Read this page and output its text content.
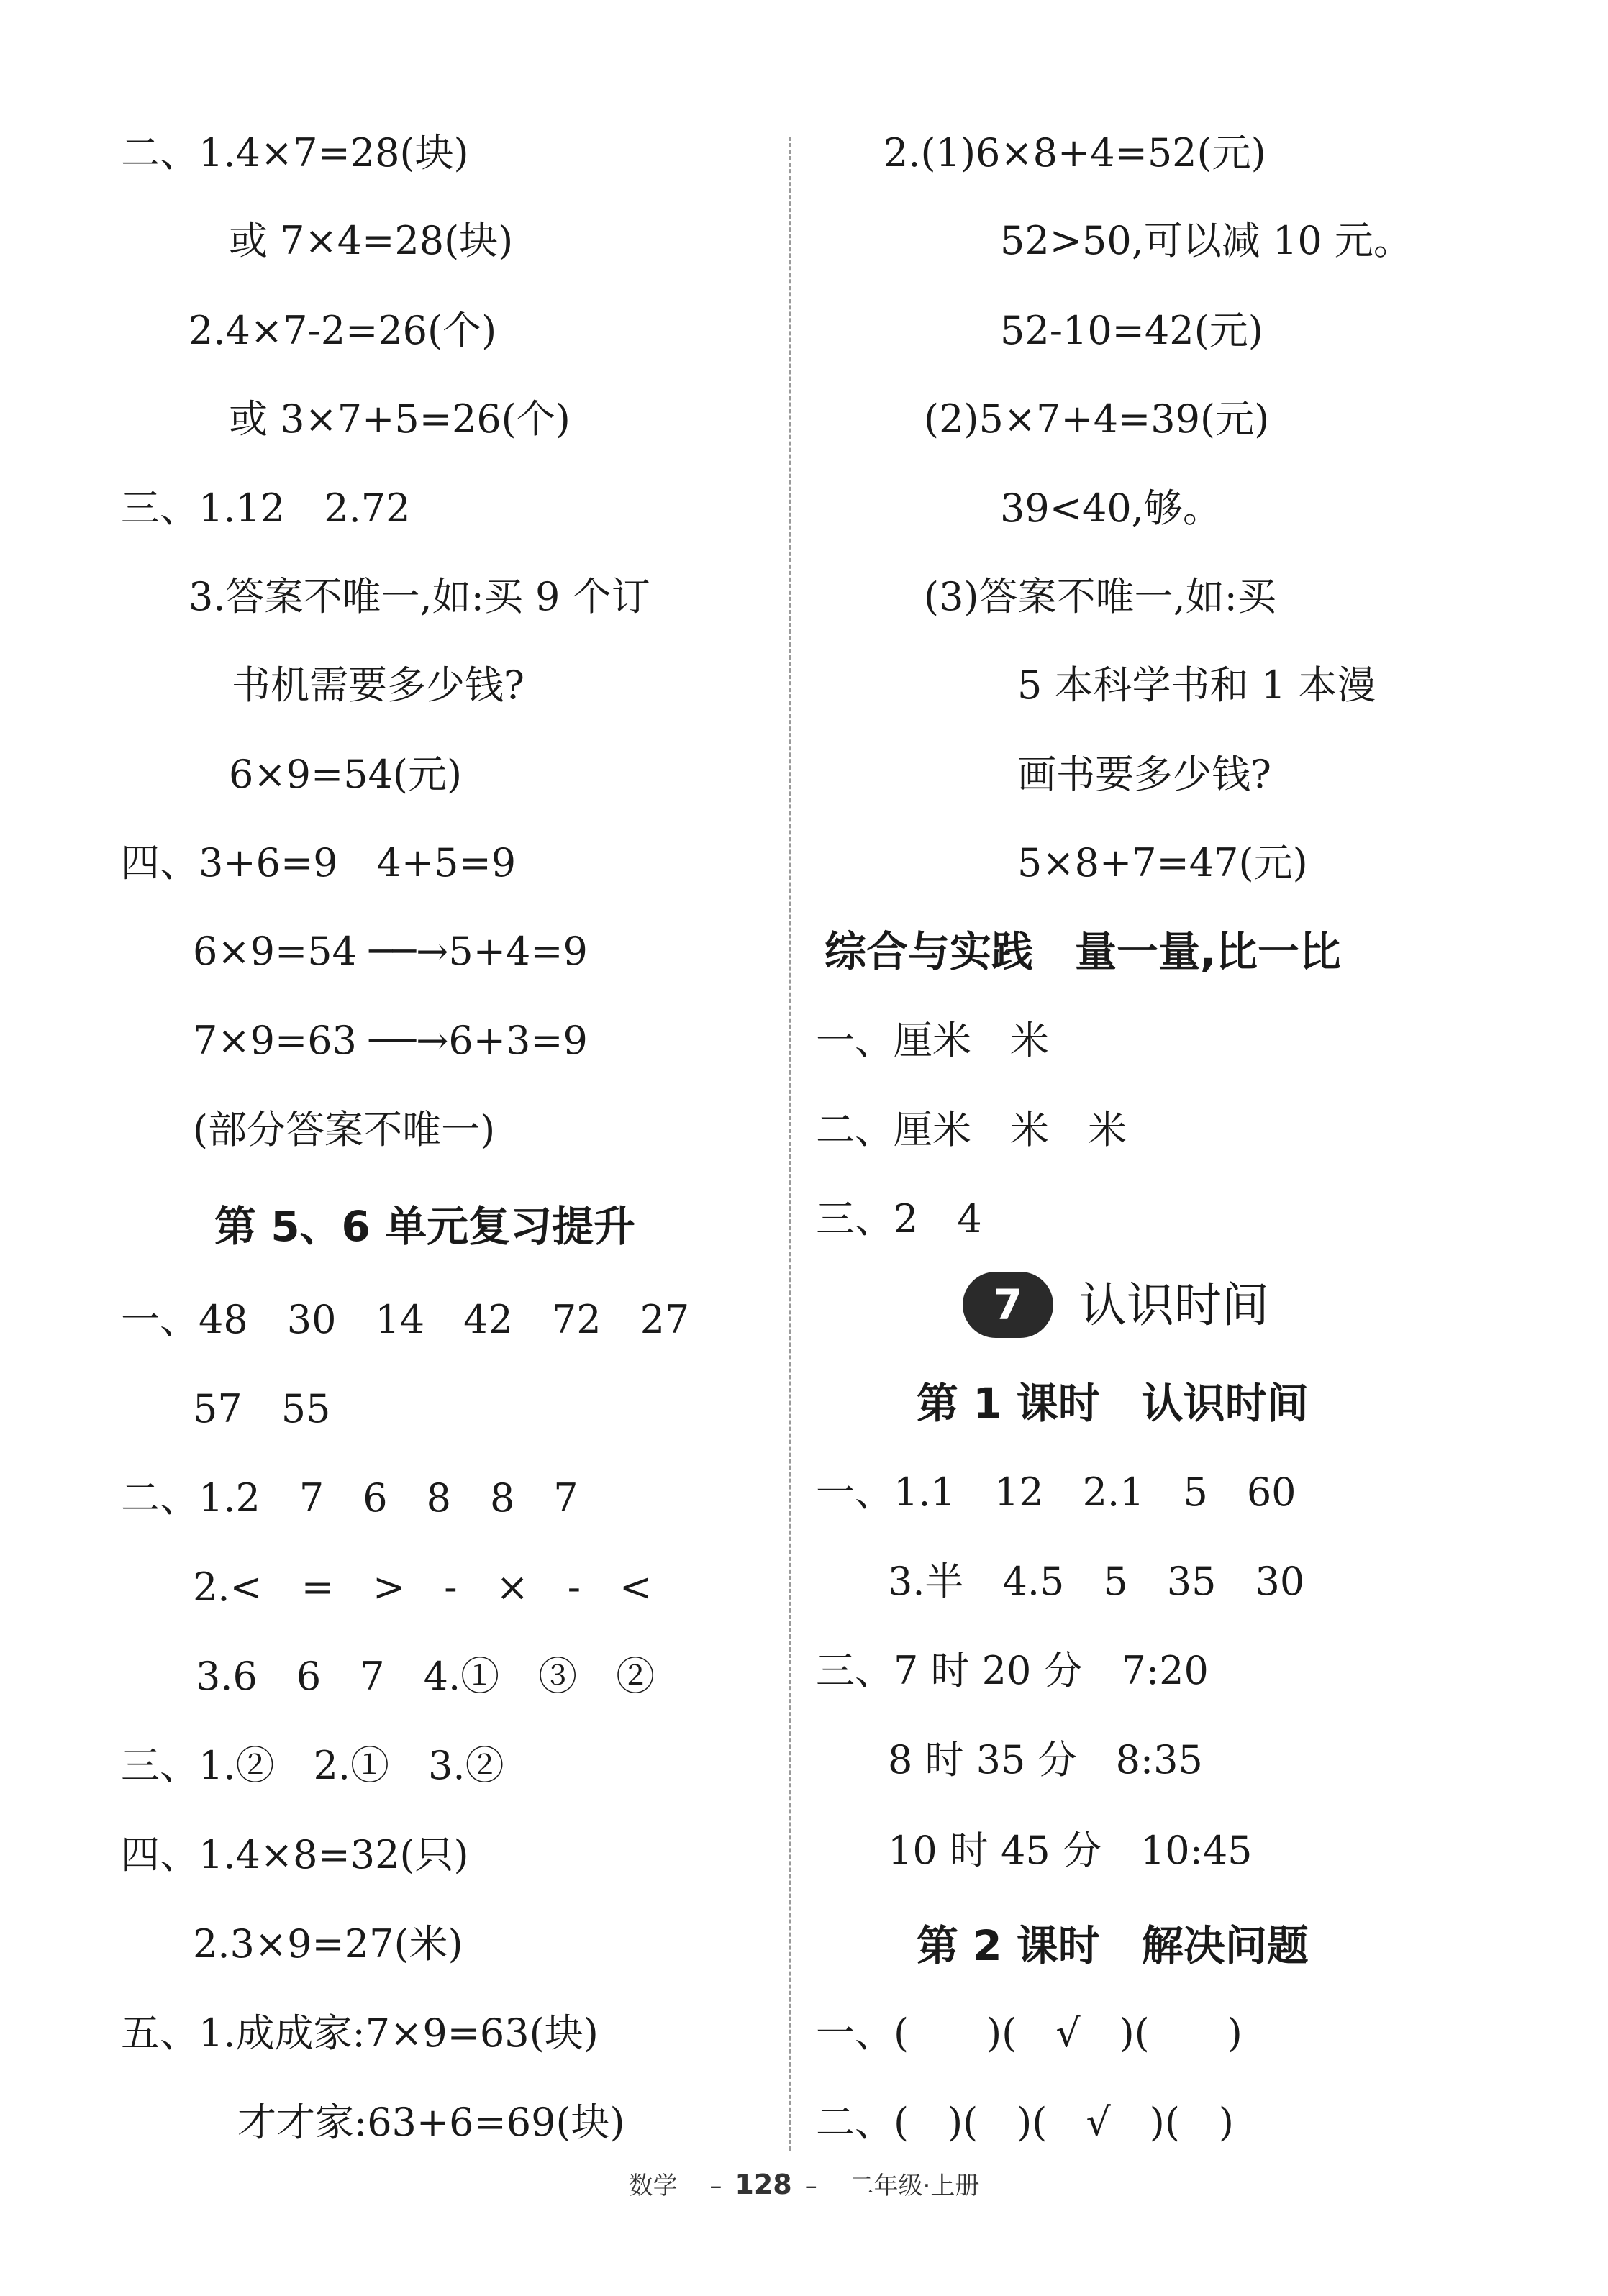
二、1.4×7=28(块)
或 7×4=28(块)
2.4×7-2=26(个)
或 3×7+5=26(个)
三、1.12　2.72
3.答案不唯一,如:买 9 个订
书机需要多少钱?
6×9=54(元)
四、3+6=9　4+5=9
6×9=54 ──→5+4=9
7×9=63 ──→6+3=9
(部分答案不唯一)
第 5、6 单元复习提升
一、48　30　14　42　72　27
57　55
二、1.2　7　6　8　8　7
2.<　=　>　-　×　-　<
3.6　6　7　4.①　③　②
三、1.②　2.①　3.②
四、1.4×8=32(只)
2.3×9=27(米)
五、1.成成家:7×9=63(块)
才才家:63+6=69(块)
2.(1)6×8+4=52(元)
52>50,可以减 10 元。
52-10=42(元)
(2)5×7+4=39(元)
39<40,够。
(3)答案不唯一,如:买
5 本科学书和 1 本漫
画书要多少钱?
5×8+7=47(元)
综合与实践　量一量,比一比
一、厘米　米
二、厘米　米　米
三、2　4
7	认识时间
第 1 课时　认识时间
一、1.1　12　2.1　5　60
3.半　4.5　5　35　30
三、7 时 20 分　7:20
8 时 35 分　8:35
10 时 45 分　10:45
第 2 课时　解决问题
一、(　　)(　√　)(　　)
二、(　)(　)(　√　)(　)
数学 　– 128 –　 二年级·上册
